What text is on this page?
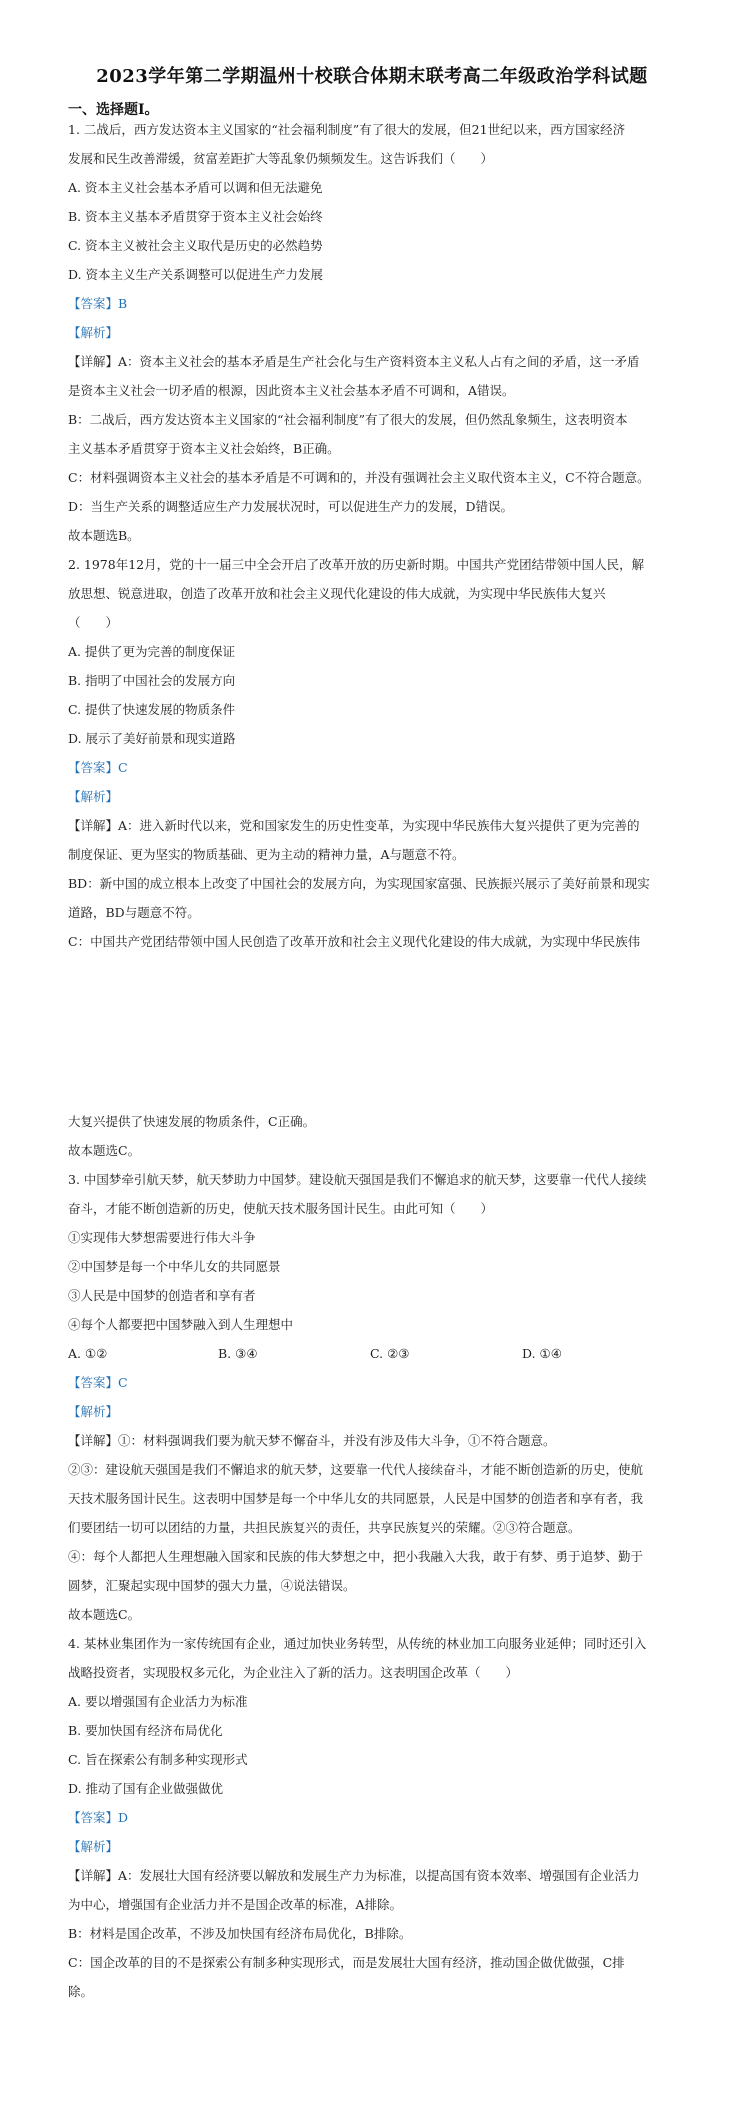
2023学年第二学期温州十校联合体期末联考高二年级政治学科试题
一、选择题Ⅰ。
1. 二战后，西方发达资本主义国家的“社会福利制度”有了很大的发展，但21世纪以来，西方国家经济
发展和民生改善滞缓，贫富差距扩大等乱象仍频频发生。这告诉我们（　　）
A. 资本主义社会基本矛盾可以调和但无法避免
B. 资本主义基本矛盾贯穿于资本主义社会始终
C. 资本主义被社会主义取代是历史的必然趋势
D. 资本主义生产关系调整可以促进生产力发展
【答案】B
【解析】
【详解】A：资本主义社会的基本矛盾是生产社会化与生产资料资本主义私人占有之间的矛盾，这一矛盾
是资本主义社会一切矛盾的根源，因此资本主义社会基本矛盾不可调和，A错误。
B：二战后，西方发达资本主义国家的“社会福利制度”有了很大的发展，但仍然乱象频生，这表明资本
主义基本矛盾贯穿于资本主义社会始终，B正确。
C：材料强调资本主义社会的基本矛盾是不可调和的，并没有强调社会主义取代资本主义，C不符合题意。
D：当生产关系的调整适应生产力发展状况时，可以促进生产力的发展，D错误。
故本题选B。
2. 1978年12月，党的十一届三中全会开启了改革开放的历史新时期。中国共产党团结带领中国人民，解
放思想、锐意进取，创造了改革开放和社会主义现代化建设的伟大成就，为实现中华民族伟大复兴
（　　）
A. 提供了更为完善的制度保证
B. 指明了中国社会的发展方向
C. 提供了快速发展的物质条件
D. 展示了美好前景和现实道路
【答案】C
【解析】
【详解】A：进入新时代以来，党和国家发生的历史性变革，为实现中华民族伟大复兴提供了更为完善的
制度保证、更为坚实的物质基础、更为主动的精神力量，A与题意不符。
BD：新中国的成立根本上改变了中国社会的发展方向，为实现国家富强、民族振兴展示了美好前景和现实
道路，BD与题意不符。
C：中国共产党团结带领中国人民创造了改革开放和社会主义现代化建设的伟大成就，为实现中华民族伟
大复兴提供了快速发展的物质条件，C正确。
故本题选C。
3. 中国梦牵引航天梦，航天梦助力中国梦。建设航天强国是我们不懈追求的航天梦，这要靠一代代人接续
奋斗，才能不断创造新的历史，使航天技术服务国计民生。由此可知（　　）
①实现伟大梦想需要进行伟大斗争
②中国梦是每一个中华儿女的共同愿景
③人民是中国梦的创造者和享有者
④每个人都要把中国梦融入到人生理想中
A. ①②	B. ③④	C. ②③	D. ①④
【答案】C
【解析】
【详解】①：材料强调我们要为航天梦不懈奋斗，并没有涉及伟大斗争，①不符合题意。
②③：建设航天强国是我们不懈追求的航天梦，这要靠一代代人接续奋斗，才能不断创造新的历史，使航
天技术服务国计民生。这表明中国梦是每一个中华儿女的共同愿景，人民是中国梦的创造者和享有者，我
们要团结一切可以团结的力量，共担民族复兴的责任，共享民族复兴的荣耀。②③符合题意。
④：每个人都把人生理想融入国家和民族的伟大梦想之中，把小我融入大我，敢于有梦、勇于追梦、勤于
圆梦，汇聚起实现中国梦的强大力量，④说法错误。
故本题选C。
4. 某林业集团作为一家传统国有企业，通过加快业务转型，从传统的林业加工向服务业延伸；同时还引入
战略投资者，实现股权多元化，为企业注入了新的活力。这表明国企改革（　　）
A. 要以增强国有企业活力为标准
B. 要加快国有经济布局优化
C. 旨在探索公有制多种实现形式
D. 推动了国有企业做强做优
【答案】D
【解析】
【详解】A：发展壮大国有经济要以解放和发展生产力为标准，以提高国有资本效率、增强国有企业活力
为中心，增强国有企业活力并不是国企改革的标准，A排除。
B：材料是国企改革，不涉及加快国有经济布局优化，B排除。
C：国企改革的目的不是探索公有制多种实现形式，而是发展壮大国有经济，推动国企做优做强，C排
除。
